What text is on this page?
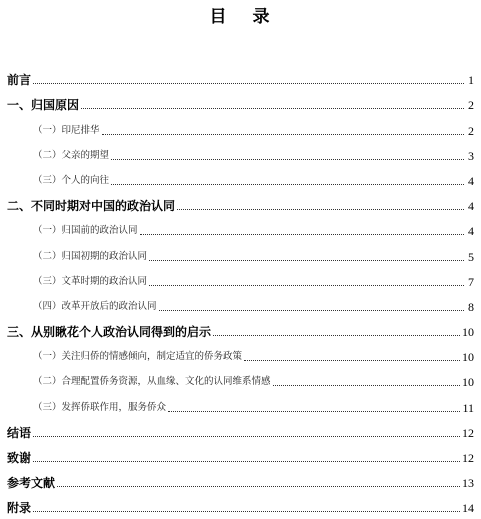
目 录
前言	1
一、归国原因	2
（一）印尼排华	2
（二）父亲的期望	3
（三）个人的向往	4
二、不同时期对中国的政治认同	4
（一）归国前的政治认同	4
（二）归国初期的政治认同	5
（三）文革时期的政治认同	7
（四）改革开放后的政治认同	8
三、从别瞅花个人政治认同得到的启示	10
（一）关注归侨的情感倾向，制定适宜的侨务政策	10
（二）合理配置侨务资源，从血缘、文化的认同维系情感	10
（三）发挥侨联作用，服务侨众	11
结语	12
致谢	12
参考文献	13
附录	14
